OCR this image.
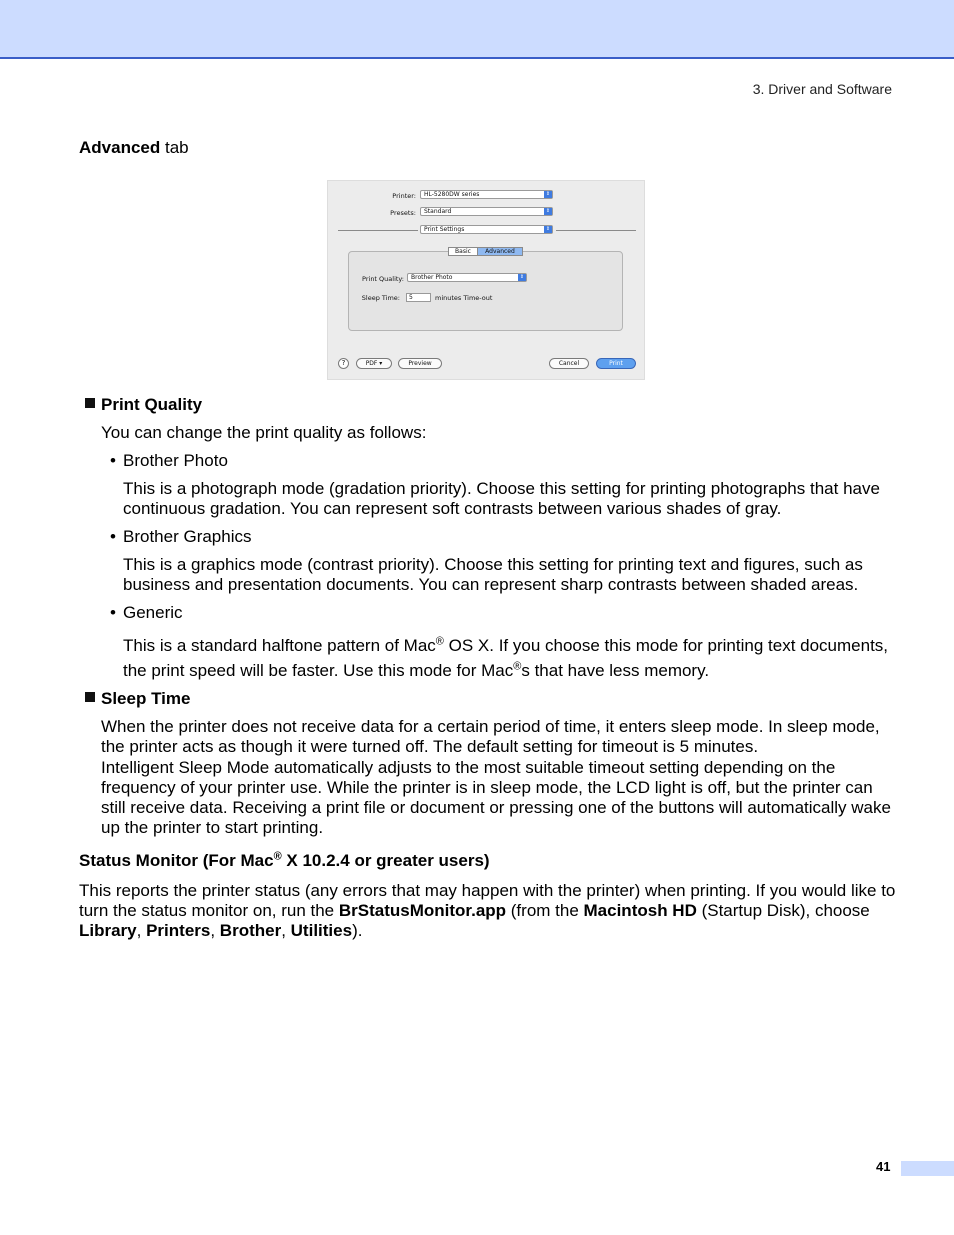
3. Driver and Software

Advanced tab

Printer:	HL-5280DW series	⇕
Presets:	Standard	⇕
Print Settings	⇕
Basic	Advanced
Print Quality:	Brother Photo	⇕
Sleep Time:	5	minutes Time-out
?	PDF ▾	Preview	Cancel	Print

Print Quality

You can change the print quality as follows:

• Brother Photo

This is a photograph mode (gradation priority). Choose this setting for printing photographs that have

continuous gradation. You can represent soft contrasts between various shades of gray.

• Brother Graphics

This is a graphics mode (contrast priority). Choose this setting for printing text and figures, such as

business and presentation documents. You can represent sharp contrasts between shaded areas.

• Generic

This is a standard halftone pattern of Mac® OS X. If you choose this mode for printing text documents,

the print speed will be faster. Use this mode for Mac®s that have less memory.

Sleep Time

When the printer does not receive data for a certain period of time, it enters sleep mode. In sleep mode,

the printer acts as though it were turned off. The default setting for timeout is 5 minutes.

Intelligent Sleep Mode automatically adjusts to the most suitable timeout setting depending on the

frequency of your printer use. While the printer is in sleep mode, the LCD light is off, but the printer can

still receive data. Receiving a print file or document or pressing one of the buttons will automatically wake

up the printer to start printing.

Status Monitor (For Mac® X 10.2.4 or greater users)

This reports the printer status (any errors that may happen with the printer) when printing. If you would like to

turn the status monitor on, run the BrStatusMonitor.app (from the Macintosh HD (Startup Disk), choose

Library, Printers, Brother, Utilities).

41
